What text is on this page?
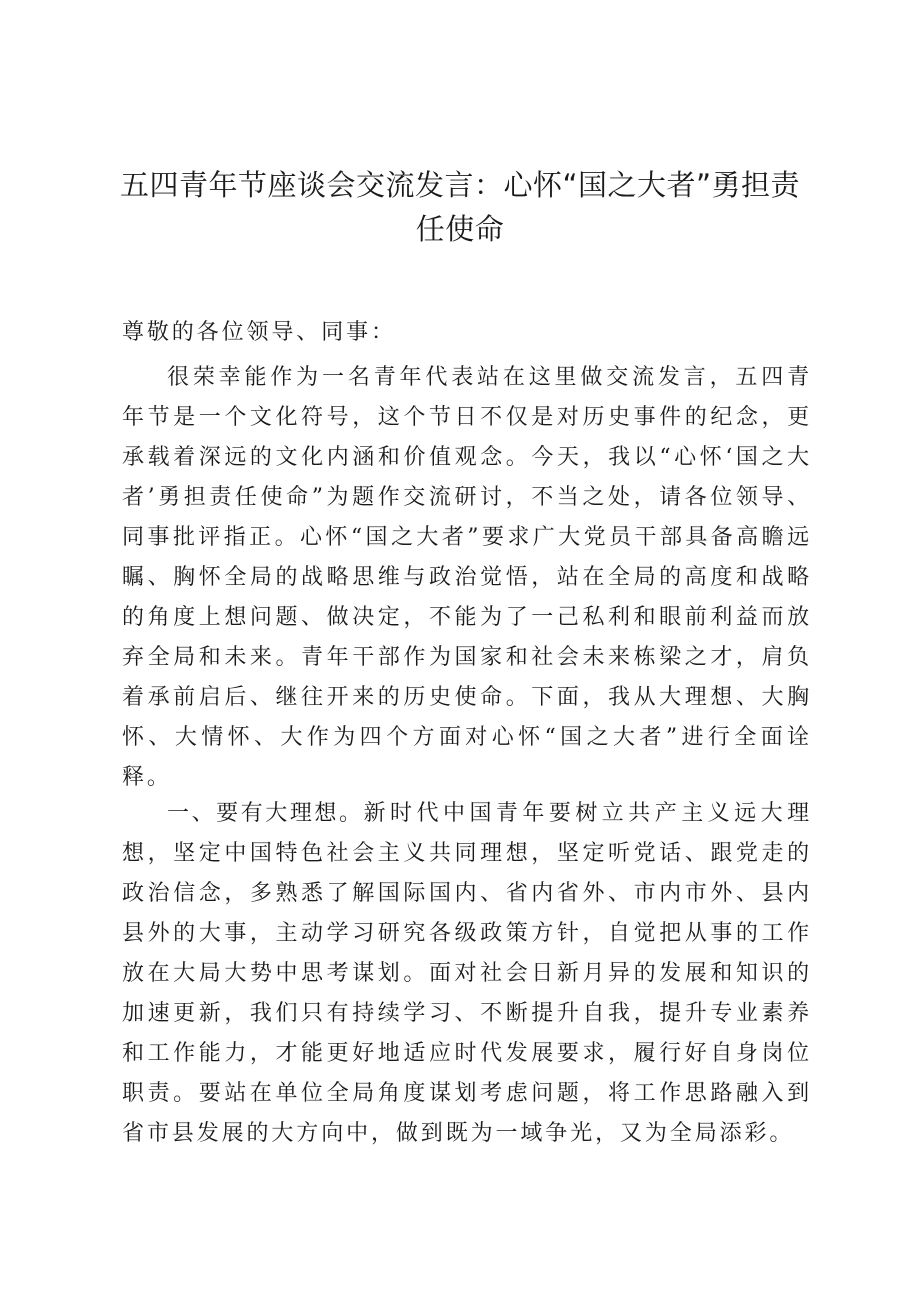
五四青年节座谈会交流发言：心怀“国之大者”勇担责
任使命

尊敬的各位领导、同事：

很荣幸能作为一名青年代表站在这里做交流发言，五四青年节是一个文化符号，这个节日不仅是对历史事件的纪念，更承载着深远的文化内涵和价值观念。今天，我以“心怀‘国之大者’勇担责任使命”为题作交流研讨，不当之处，请各位领导、同事批评指正。心怀“国之大者”要求广大党员干部具备高瞻远瞩、胸怀全局的战略思维与政治觉悟，站在全局的高度和战略的角度上想问题、做决定，不能为了一己私利和眼前利益而放弃全局和未来。青年干部作为国家和社会未来栋梁之才，肩负着承前启后、继往开来的历史使命。下面，我从大理想、大胸怀、大情怀、大作为四个方面对心怀“国之大者”进行全面诠释。

一、要有大理想。新时代中国青年要树立共产主义远大理想，坚定中国特色社会主义共同理想，坚定听党话、跟党走的政治信念，多熟悉了解国际国内、省内省外、市内市外、县内县外的大事，主动学习研究各级政策方针，自觉把从事的工作放在大局大势中思考谋划。面对社会日新月异的发展和知识的加速更新，我们只有持续学习、不断提升自我，提升专业素养和工作能力，才能更好地适应时代发展要求，履行好自身岗位职责。要站在单位全局角度谋划考虑问题，将工作思路融入到省市县发展的大方向中，做到既为一域争光，又为全局添彩。
